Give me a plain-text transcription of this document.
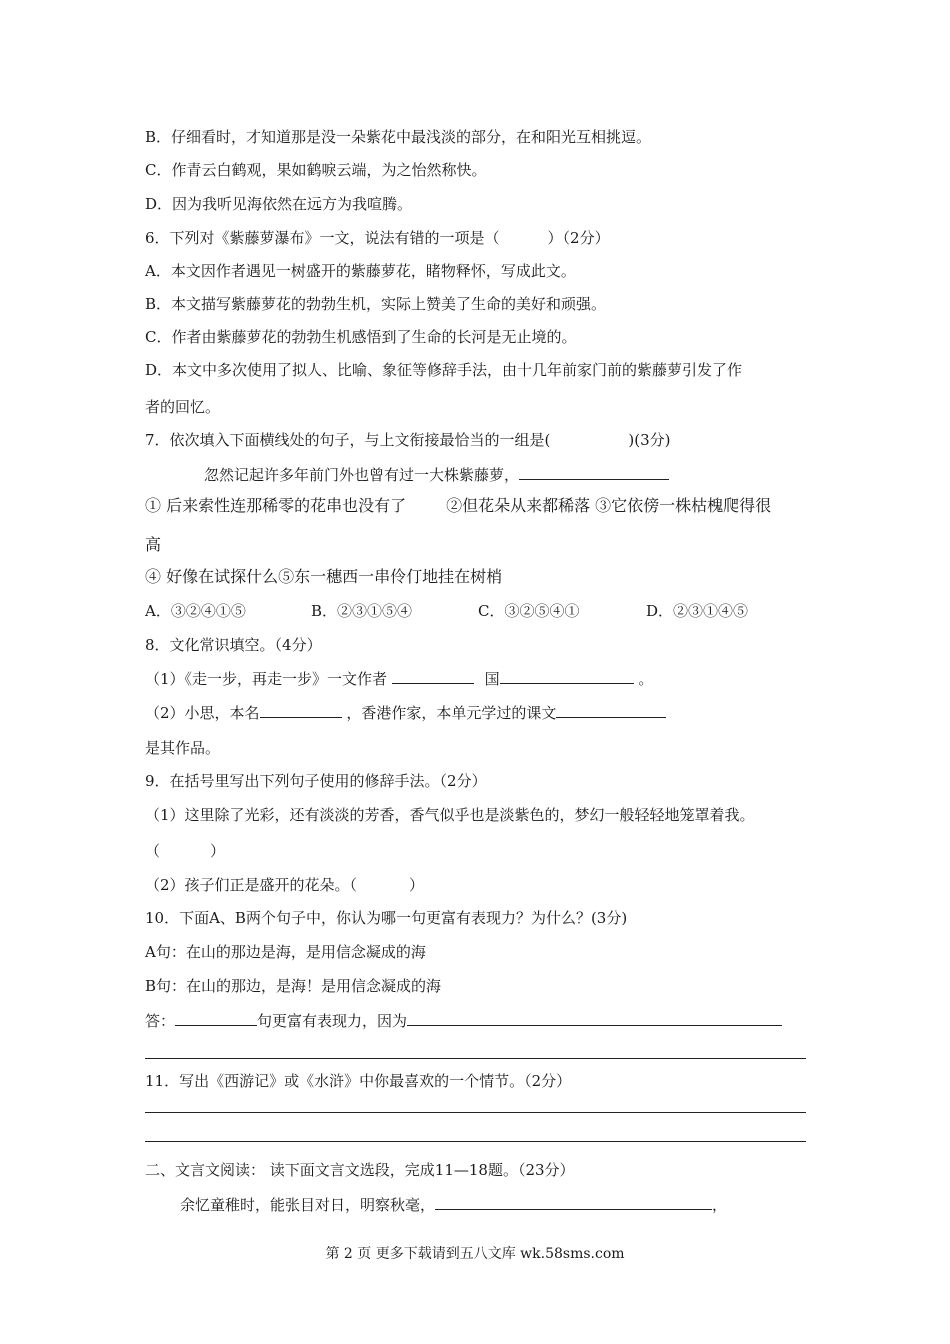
B．仔细看时，才知道那是没一朵紫花中最浅淡的部分，在和阳光互相挑逗。
C．作青云白鹤观，果如鹤唳云端，为之怡然称快。
D．因为我听见海依然在远方为我喧腾。
6．下列对《紫藤萝瀑布》一文，说法有错的一项是（	）（2分）
A．本文因作者遇见一树盛开的紫藤萝花，睹物释怀，写成此文。
B．本文描写紫藤萝花的勃勃生机，实际上赞美了生命的美好和顽强。
C．作者由紫藤萝花的勃勃生机感悟到了生命的长河是无止境的。
D．本文中多次使用了拟人、比喻、象征等修辞手法，由十几年前家门前的紫藤萝引发了作
者的回忆。
7．依次填入下面横线处的句子，与上文衔接最恰当的一组是(	)(3分)
忽然记起许多年前门外也曾有过一大株紫藤萝，
① 后来索性连那稀零的花串也没有了	②但花朵从来都稀落 ③它依傍一株枯槐爬得很
高
④ 好像在试探什么⑤东一穗西一串伶仃地挂在树梢
A．③②④①⑤	B．②③①⑤④	C．③②⑤④①	D．②③①④⑤
8．文化常识填空。（4分）
（1）《走一步，再走一步》一文作者	国	。
（2）小思，本名	，香港作家，本单元学过的课文
是其作品。
9．在括号里写出下列句子使用的修辞手法。（2分）
（1）这里除了光彩，还有淡淡的芳香，香气似乎也是淡紫色的，梦幻一般轻轻地笼罩着我。
（	）
（2）孩子们正是盛开的花朵。（	）
10．下面A、B两个句子中，你认为哪一句更富有表现力？为什么？(3分)
A句：在山的那边是海，是用信念凝成的海
B句：在山的那边，是海！是用信念凝成的海
答：	句更富有表现力，因为
11．写出《西游记》或《水浒》中你最喜欢的一个情节。（2分）
二、文言文阅读： 读下面文言文选段，完成11—18题。（23分）
余忆童稚时，能张目对日，明察秋毫，	，
第 2 页 更多下载请到五八文库 wk.58sms.com
